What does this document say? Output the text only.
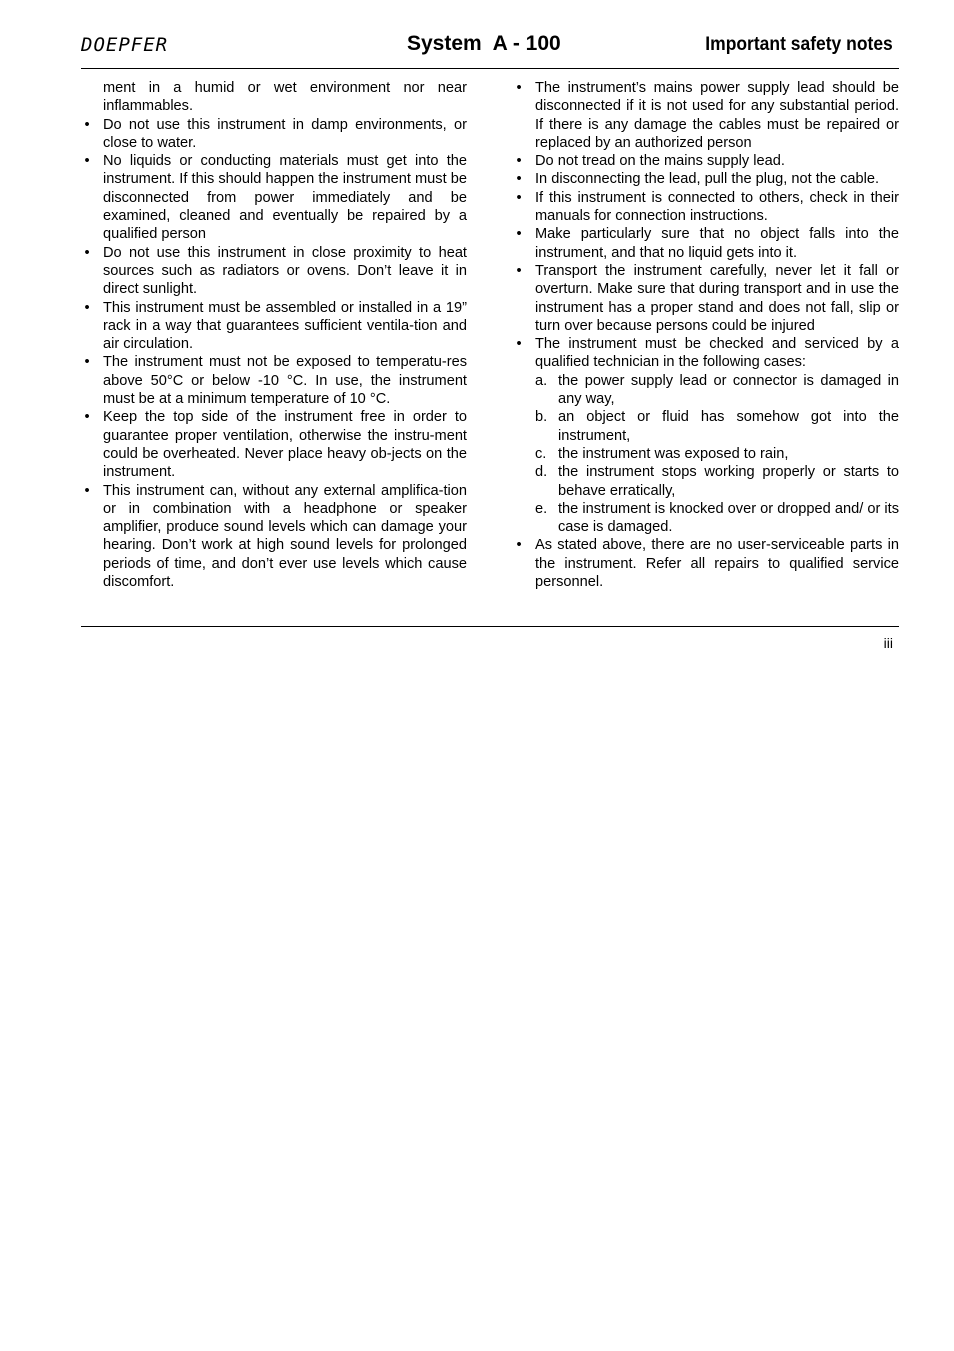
DOEPFER	System  A - 100	Important safety notes

ment in a humid or wet environment nor near inflammables.

• Do not use this instrument in damp environments, or close to water.
• No liquids or conducting materials must get into the instrument. If this should happen the instrument must be disconnected from power immediately and be examined, cleaned and eventually be repaired by a qualified person
• Do not use this instrument in close proximity to heat sources such as radiators or ovens. Don’t leave it in direct sunlight.
• This instrument must be assembled or installed in a 19” rack in a way that guarantees sufficient ventila-tion and air circulation.
• The instrument must not be exposed to temperatu-res above 50°C or below -10 °C. In use, the instrument must be at a minimum temperature of 10 °C.
• Keep the top side of the instrument free in order to guarantee proper ventilation, otherwise the instru-ment could be overheated. Never place heavy ob-jects on the instrument.
• This instrument can, without any external amplifica-tion or in combination with a headphone or speaker amplifier, produce sound levels which can damage your hearing. Don’t work at high sound levels for prolonged periods of time, and don’t ever use levels which cause discomfort.
• The instrument’s mains power supply lead should be disconnected if it is not used for any substantial period. If there is any damage the cables must be repaired or replaced by an authorized person
• Do not tread on the mains supply lead.
• In disconnecting the lead, pull the plug, not the cable.
• If this instrument is connected to others, check in their manuals for connection instructions.
• Make particularly sure that no object falls into the instrument, and that no liquid gets into it.
• Transport the instrument carefully, never let it fall or overturn. Make sure that during transport and in use the instrument has a proper stand and does not fall, slip or turn over because persons could be injured
• The instrument must be checked and serviced by a qualified technician in the following cases:
a. the power supply lead or connector is damaged in any way,
b. an object or fluid has somehow got into the instrument,
c. the instrument was exposed to rain,
d. the instrument stops working properly or starts to behave erratically,
e. the instrument is knocked over or dropped and/ or its case is damaged.
• As stated above, there are no user-serviceable parts in the instrument. Refer all repairs to qualified service personnel.
iii
